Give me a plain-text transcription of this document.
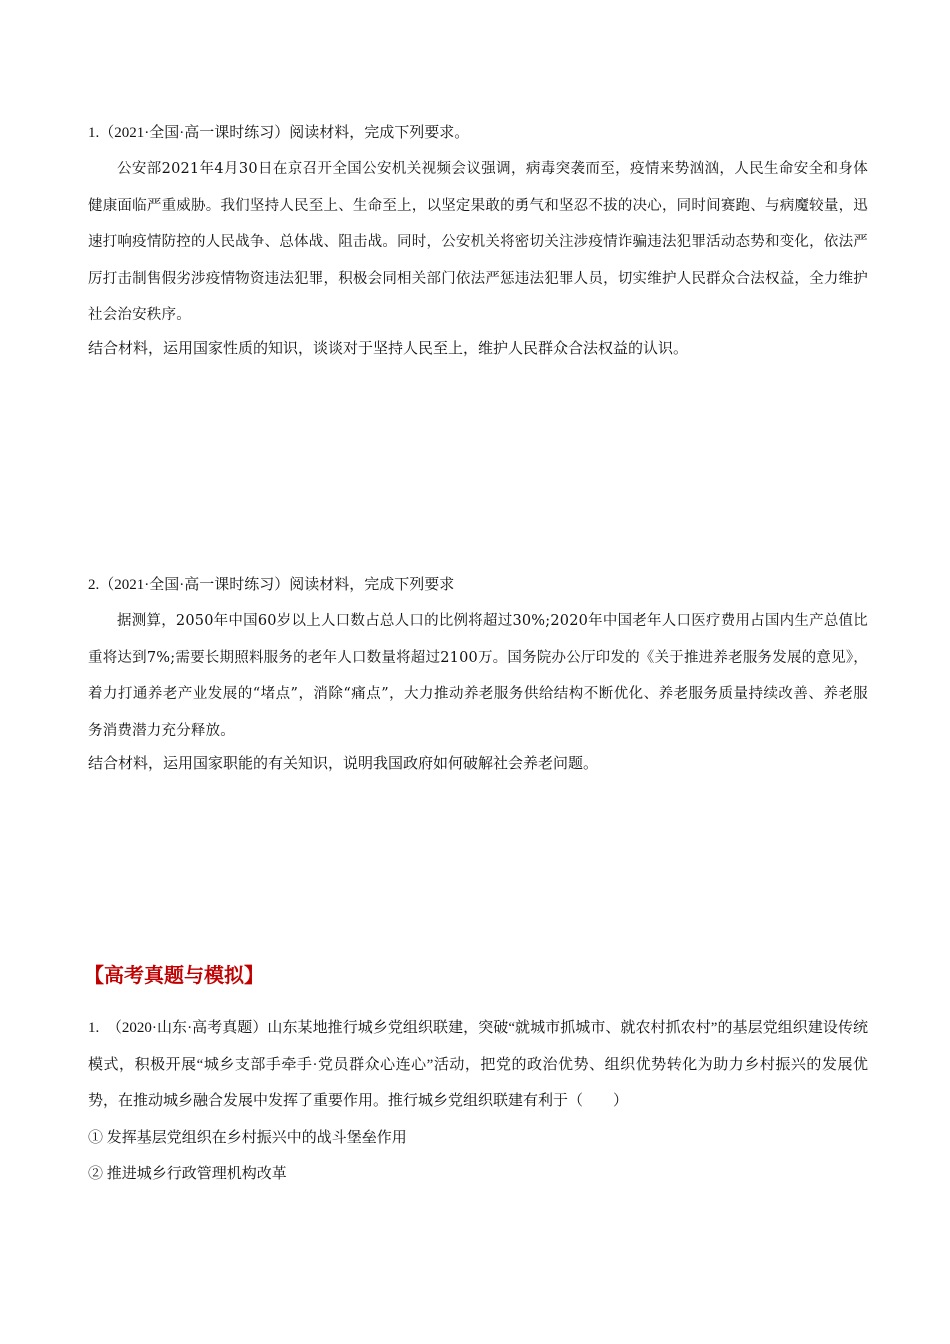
1.（2021·全国·高一课时练习）阅读材料，完成下列要求。

公安部2021年4月30日在京召开全国公安机关视频会议强调，病毒突袭而至，疫情来势汹汹，人民生命安全和身体健康面临严重威胁。我们坚持人民至上、生命至上，以坚定果敢的勇气和坚忍不拔的决心，同时间赛跑、与病魔较量，迅速打响疫情防控的人民战争、总体战、阻击战。同时，公安机关将密切关注涉疫情诈骗违法犯罪活动态势和变化，依法严厉打击制售假劣涉疫情物资违法犯罪，积极会同相关部门依法严惩违法犯罪人员，切实维护人民群众合法权益，全力维护社会治安秩序。

结合材料，运用国家性质的知识，谈谈对于坚持人民至上，维护人民群众合法权益的认识。

2.（2021·全国·高一课时练习）阅读材料，完成下列要求

据测算，2050年中国60岁以上人口数占总人口的比例将超过30%;2020年中国老年人口医疗费用占国内生产总值比重将达到7%;需要长期照料服务的老年人口数量将超过2100万。国务院办公厅印发的《关于推进养老服务发展的意见》，着力打通养老产业发展的“堵点”，消除“痛点”，大力推动养老服务供给结构不断优化、养老服务质量持续改善、养老服务消费潜力充分释放。

结合材料，运用国家职能的有关知识，说明我国政府如何破解社会养老问题。

【高考真题与模拟】

1.　（2020·山东·高考真题）山东某地推行城乡党组织联建，突破“就城市抓城市、就农村抓农村”的基层党组织建设传统模式，积极开展“城乡支部手牵手·党员群众心连心”活动，把党的政治优势、组织优势转化为助力乡村振兴的发展优势，在推动城乡融合发展中发挥了重要作用。推行城乡党组织联建有利于（　　）

① 发挥基层党组织在乡村振兴中的战斗堡垒作用

② 推进城乡行政管理机构改革
